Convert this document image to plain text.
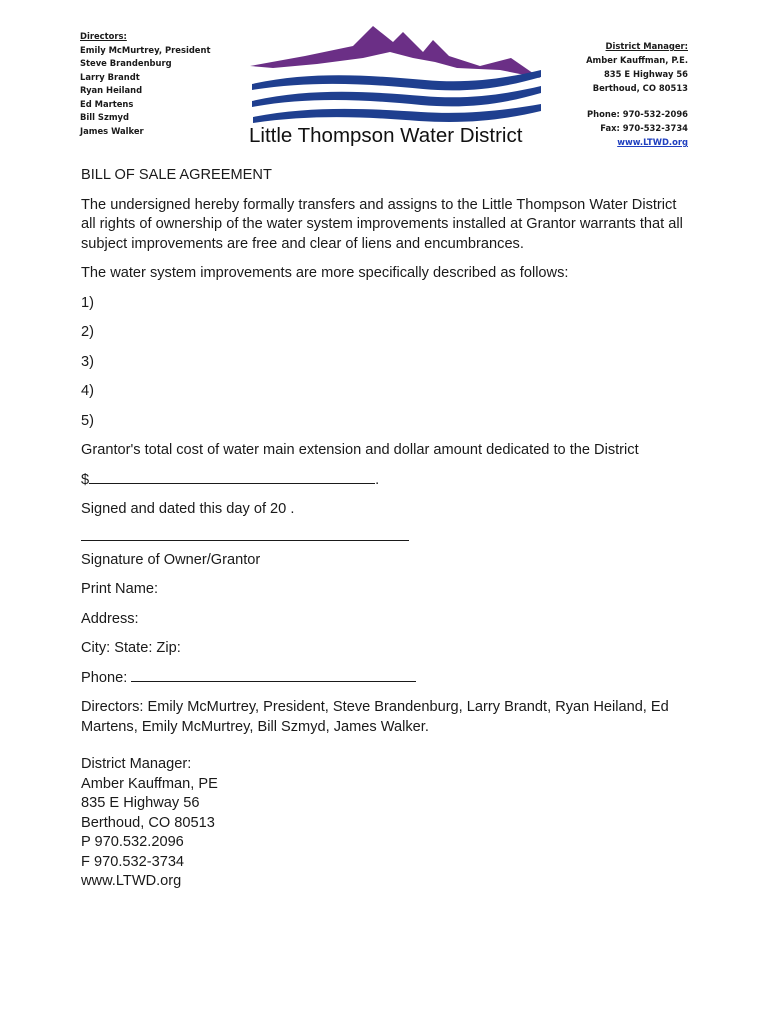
Directors:
Emily McMurtrey, President
Steve Brandenburg
Larry Brandt
Ryan Heiland
Ed Martens
Bill Szmyd
James Walker	Little Thompson Water District
District Manager:
Amber Kauffman, P.E.
835 E Highway 56
Berthoud, CO 80513
Phone: 970-532-2096
Fax: 970-532-3734
www.LTWD.org

BILL OF SALE AGREEMENT

The undersigned hereby formally transfers and assigns to the Little Thompson Water District all rights of ownership of the water system improvements installed at Grantor warrants that all subject improvements are free and clear of liens and encumbrances.

The water system improvements are more specifically described as follows:

1)

2)

3)

4)

5)

Grantor's total cost of water main extension and dollar amount dedicated to the District

$	.

Signed and dated this day of 20 .

Signature of Owner/Grantor

Print Name:

Address:

City: State: Zip:

Phone:

Directors: Emily McMurtrey, President, Steve Brandenburg, Larry Brandt, Ryan Heiland, Ed Martens, Emily McMurtrey, Bill Szmyd, James Walker.

District Manager:

Amber Kauffman, PE

835 E Highway 56

Berthoud, CO 80513

P 970.532.2096

F 970.532-3734

www.LTWD.org
